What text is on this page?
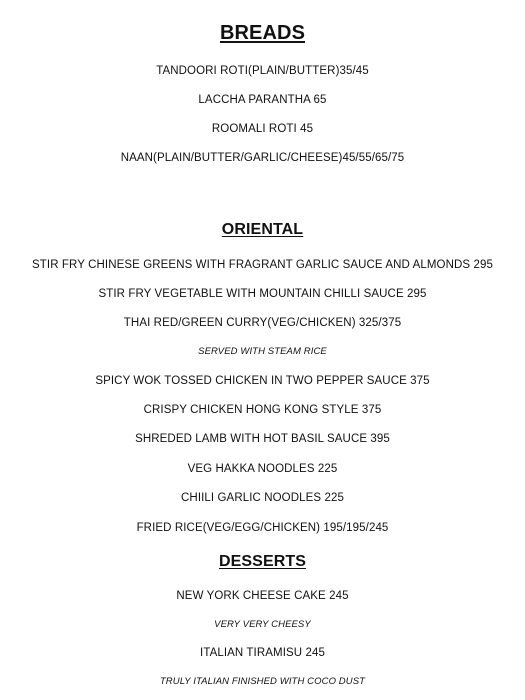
BREADS
TANDOORI ROTI(PLAIN/BUTTER)35/45
LACCHA PARANTHA 65
ROOMALI ROTI 45
NAAN(PLAIN/BUTTER/GARLIC/CHEESE)45/55/65/75
ORIENTAL
STIR FRY CHINESE GREENS WITH FRAGRANT GARLIC SAUCE AND ALMONDS 295
STIR FRY VEGETABLE WITH MOUNTAIN CHILLI SAUCE 295
THAI RED/GREEN CURRY(VEG/CHICKEN) 325/375
SERVED WITH STEAM RICE
SPICY WOK TOSSED CHICKEN IN TWO PEPPER SAUCE 375
CRISPY CHICKEN HONG KONG STYLE 375
SHREDED LAMB WITH HOT BASIL SAUCE 395
VEG HAKKA NOODLES 225
CHIILI GARLIC NOODLES 225
FRIED RICE(VEG/EGG/CHICKEN) 195/195/245
DESSERTS
NEW YORK CHEESE CAKE 245
VERY VERY CHEESY
ITALIAN TIRAMISU 245
TRULY ITALIAN FINISHED WITH COCO DUST
